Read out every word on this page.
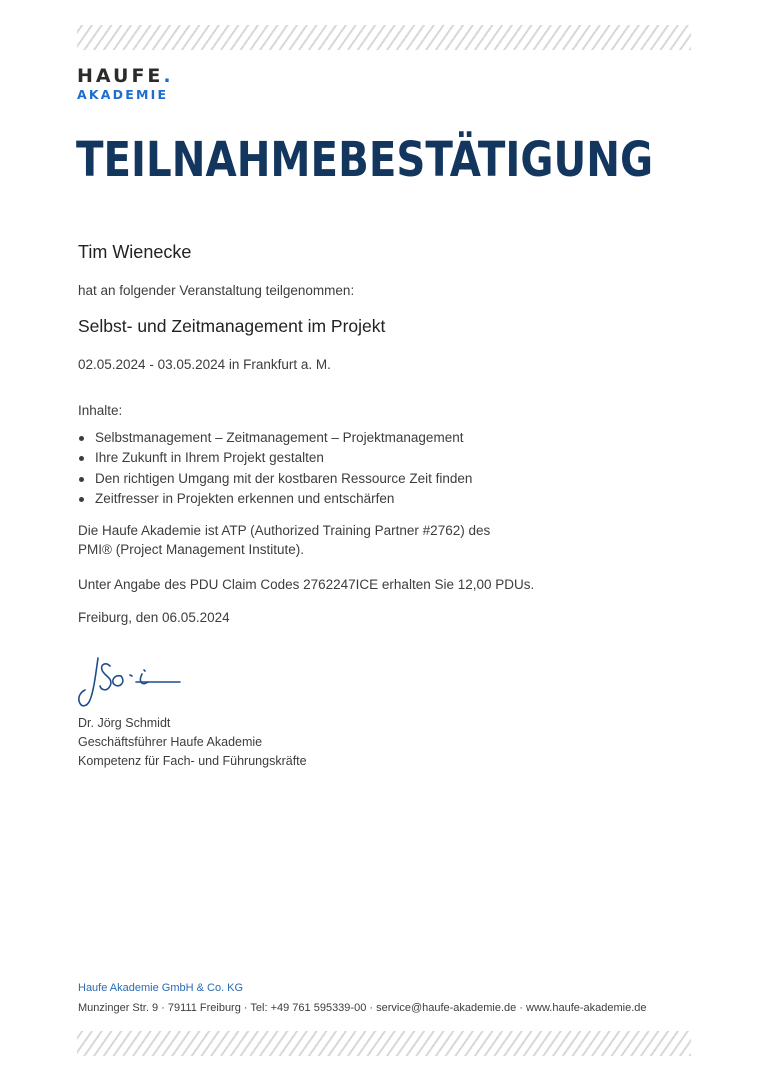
HAUFE.
AKADEMIE
TEILNAHMEBESTÄTIGUNG
Tim Wienecke
hat an folgender Veranstaltung teilgenommen:
Selbst- und Zeitmanagement im Projekt
02.05.2024 - 03.05.2024 in Frankfurt a. M.
Inhalte:
Selbstmanagement – Zeitmanagement – Projektmanagement
Ihre Zukunft in Ihrem Projekt gestalten
Den richtigen Umgang mit der kostbaren Ressource Zeit finden
Zeitfresser in Projekten erkennen und entschärfen
Die Haufe Akademie ist ATP (Authorized Training Partner #2762) des
PMI® (Project Management Institute).
Unter Angabe des PDU Claim Codes 2762247ICE erhalten Sie 12,00 PDUs.
Freiburg, den 06.05.2024
Dr. Jörg Schmidt
Geschäftsführer Haufe Akademie
Kompetenz für Fach- und Führungskräfte
Haufe Akademie GmbH & Co. KG
Munzinger Str. 9 · 79111 Freiburg · Tel: +49 761 595339-00 · service@haufe-akademie.de · www.haufe-akademie.de
